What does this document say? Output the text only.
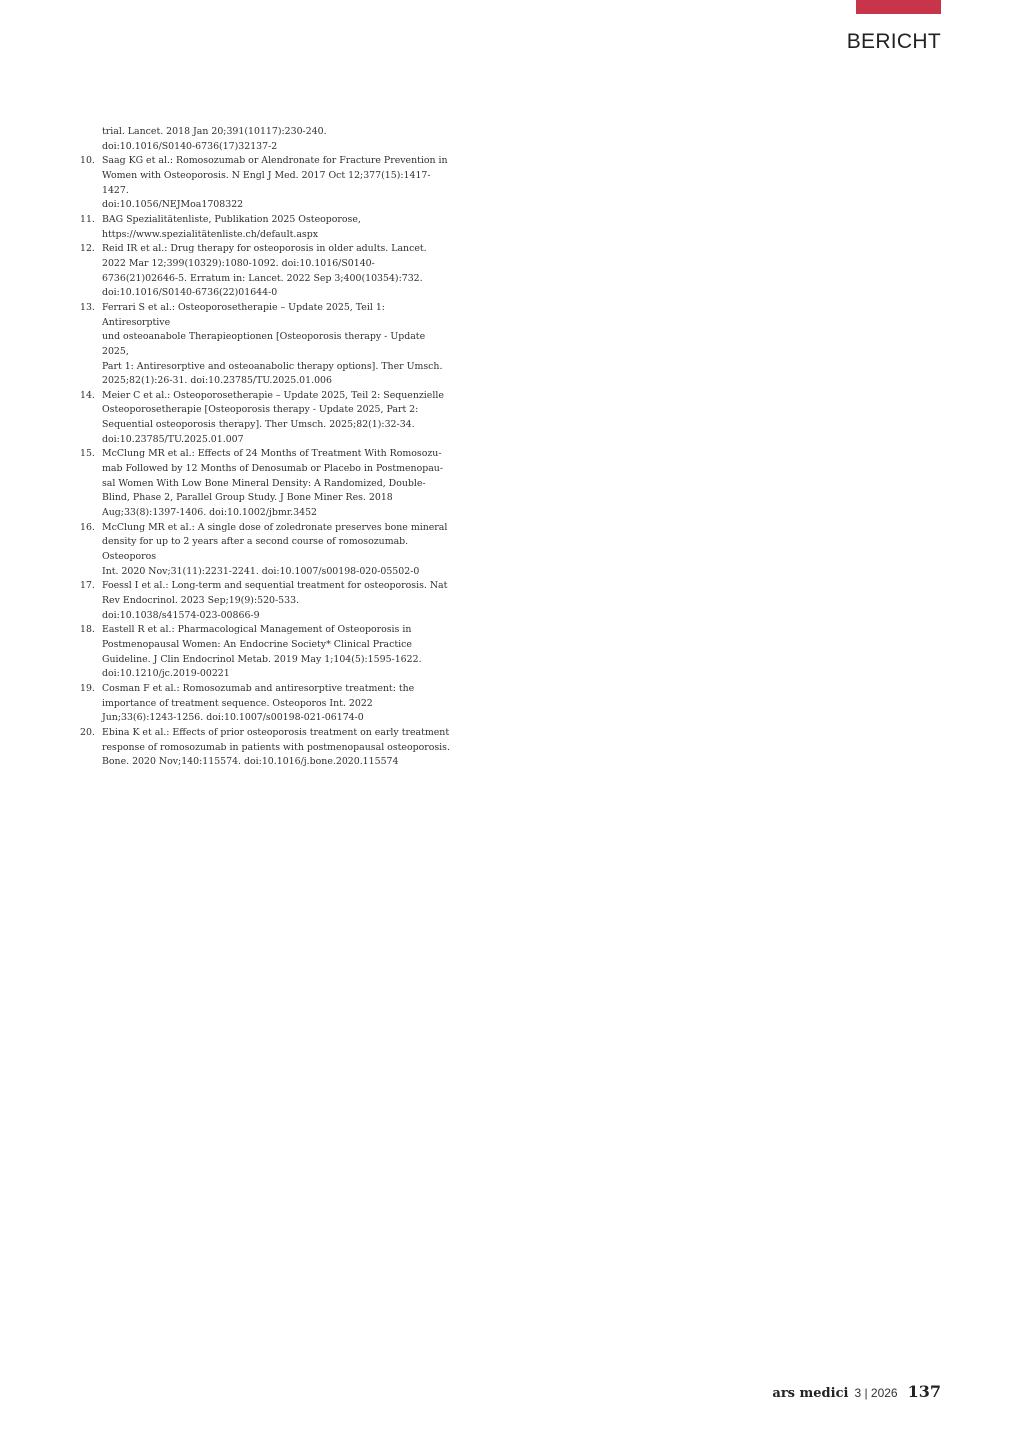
BERICHT
trial. Lancet. 2018 Jan 20;391(10117):230-240.
doi:10.1016/S0140-6736(17)32137-2
10. Saag KG et al.: Romosozumab or Alendronate for Fracture Prevention in
Women with Osteoporosis. N Engl J Med. 2017 Oct 12;377(15):1417-1427.
doi:10.1056/NEJMoa1708322
11. BAG Spezialitätenliste, Publikation 2025 Osteoporose,
https://www.spezialitätenliste.ch/default.aspx
12. Reid IR et al.: Drug therapy for osteoporosis in older adults. Lancet.
2022 Mar 12;399(10329):1080-1092. doi:10.1016/S0140-
6736(21)02646-5. Erratum in: Lancet. 2022 Sep 3;400(10354):732.
doi:10.1016/S0140-6736(22)01644-0
13. Ferrari S et al.: Osteoporosetherapie – Update 2025, Teil 1: Antiresorptive
und osteoanabole Therapieoptionen [Osteoporosis therapy - Update 2025,
Part 1: Antiresorptive and osteoanabolic therapy options]. Ther Umsch.
2025;82(1):26-31. doi:10.23785/TU.2025.01.006
14. Meier C et al.: Osteoporosetherapie – Update 2025, Teil 2: Sequenzielle
Osteoporosetherapie [Osteoporosis therapy - Update 2025, Part 2:
Sequential osteoporosis therapy]. Ther Umsch. 2025;82(1):32-34.
doi:10.23785/TU.2025.01.007
15. McClung MR et al.: Effects of 24 Months of Treatment With Romosozu-
mab Followed by 12 Months of Denosumab or Placebo in Postmenopau-
sal Women With Low Bone Mineral Density: A Randomized, Double-
Blind, Phase 2, Parallel Group Study. J Bone Miner Res. 2018
Aug;33(8):1397-1406. doi:10.1002/jbmr.3452
16. McClung MR et al.: A single dose of zoledronate preserves bone mineral
density for up to 2 years after a second course of romosozumab. Osteoporos
Int. 2020 Nov;31(11):2231-2241. doi:10.1007/s00198-020-05502-0
17. Foessl I et al.: Long-term and sequential treatment for osteoporosis. Nat
Rev Endocrinol. 2023 Sep;19(9):520-533.
doi:10.1038/s41574-023-00866-9
18. Eastell R et al.: Pharmacological Management of Osteoporosis in
Postmenopausal Women: An Endocrine Society* Clinical Practice
Guideline. J Clin Endocrinol Metab. 2019 May 1;104(5):1595-1622.
doi:10.1210/jc.2019-00221
19. Cosman F et al.: Romosozumab and antiresorptive treatment: the
importance of treatment sequence. Osteoporos Int. 2022
Jun;33(6):1243-1256. doi:10.1007/s00198-021-06174-0
20. Ebina K et al.: Effects of prior osteoporosis treatment on early treatment
response of romosozumab in patients with postmenopausal osteoporosis.
Bone. 2020 Nov;140:115574. doi:10.1016/j.bone.2020.115574
ars medici 3 | 2026 137
